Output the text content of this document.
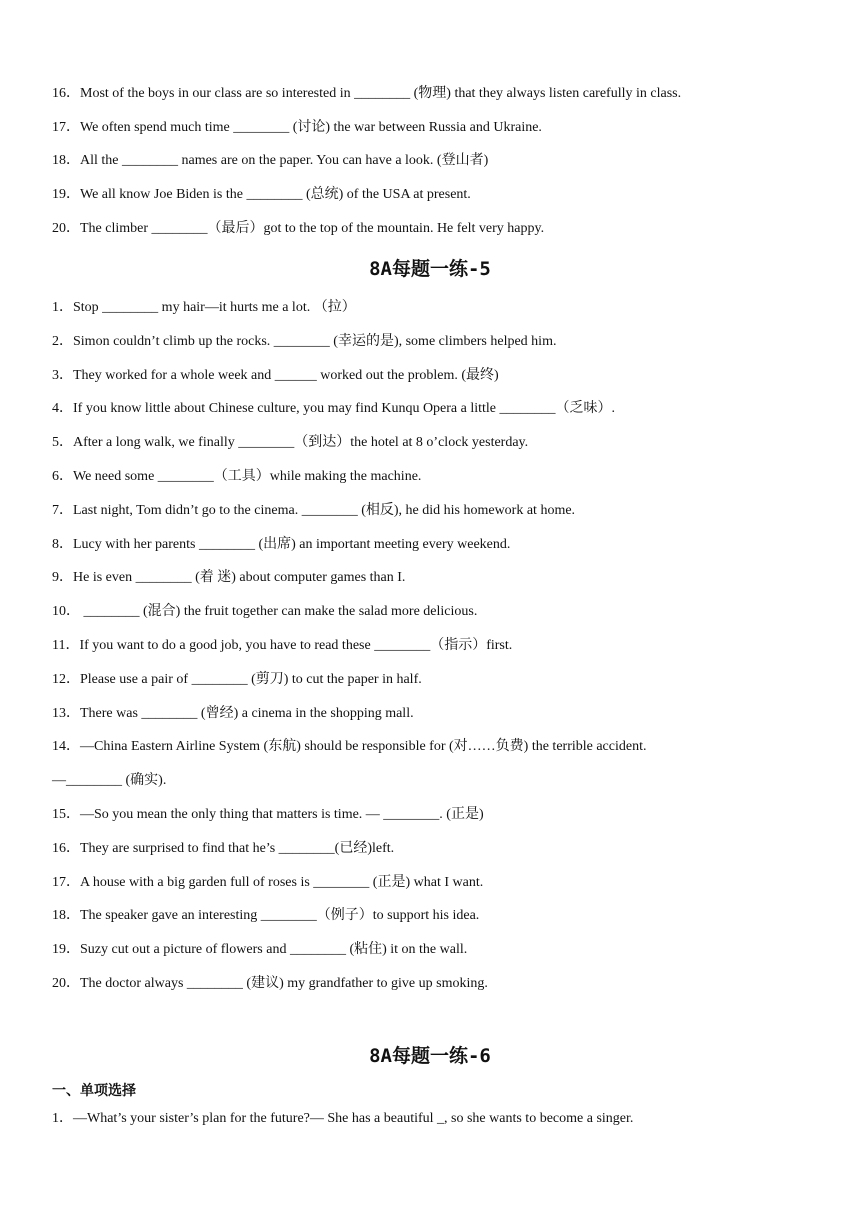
16．Most of the boys in our class are so interested in ________ (物理) that they always listen carefully in class.
17．We often spend much time ________ (讨论) the war between Russia and Ukraine.
18．All the ________ names are on the paper. You can have a look. (登山者)
19．We all know Joe Biden is the ________ (总统) of the USA at present.
20．The climber ________（最后）got to the top of the mountain. He felt very happy.
8A每题一练-5
1．Stop ________ my hair—it hurts me a lot. （拉）
2．Simon couldn’t climb up the rocks. ________ (幸运的是), some climbers helped him.
3．They worked for a whole week and ______ worked out the problem. (最终)
4．If you know little about Chinese culture, you may find Kunqu Opera a little ________（乏味）.
5．After a long walk, we finally ________（到达）the hotel at 8 o’clock yesterday.
6．We need some ________（工具）while making the machine.
7．Last night, Tom didn’t go to the cinema. ________ (相反), he did his homework at home.
8．Lucy with her parents ________ (出席) an important meeting every weekend.
9．He is even ________ (着 迷) about computer games than I.
10． ________ (混合) the fruit together can make the salad more delicious.
11．If you want to do a good job, you have to read these ________（指示）first.
12．Please use a pair of ________ (剪刀) to cut the paper in half.
13．There was ________ (曾经) a cinema in the shopping mall.
14．—China Eastern Airline System (东航) should be responsible for (对……负费) the terrible accident.
—________ (确实).
15．—So you mean the only thing that matters is time. — ________. (正是)
16．They are surprised to find that he’s ________(已经)left.
17．A house with a big garden full of roses is ________ (正是) what I want.
18．The speaker gave an interesting ________（例子）to support his idea.
19．Suzy cut out a picture of flowers and ________ (粘住) it on the wall.
20．The doctor always ________ (建议) my grandfather to give up smoking.
8A每题一练-6
一、单项选择
1．—What’s your sister’s plan for the future?— She has a beautiful _, so she wants to become a singer.
